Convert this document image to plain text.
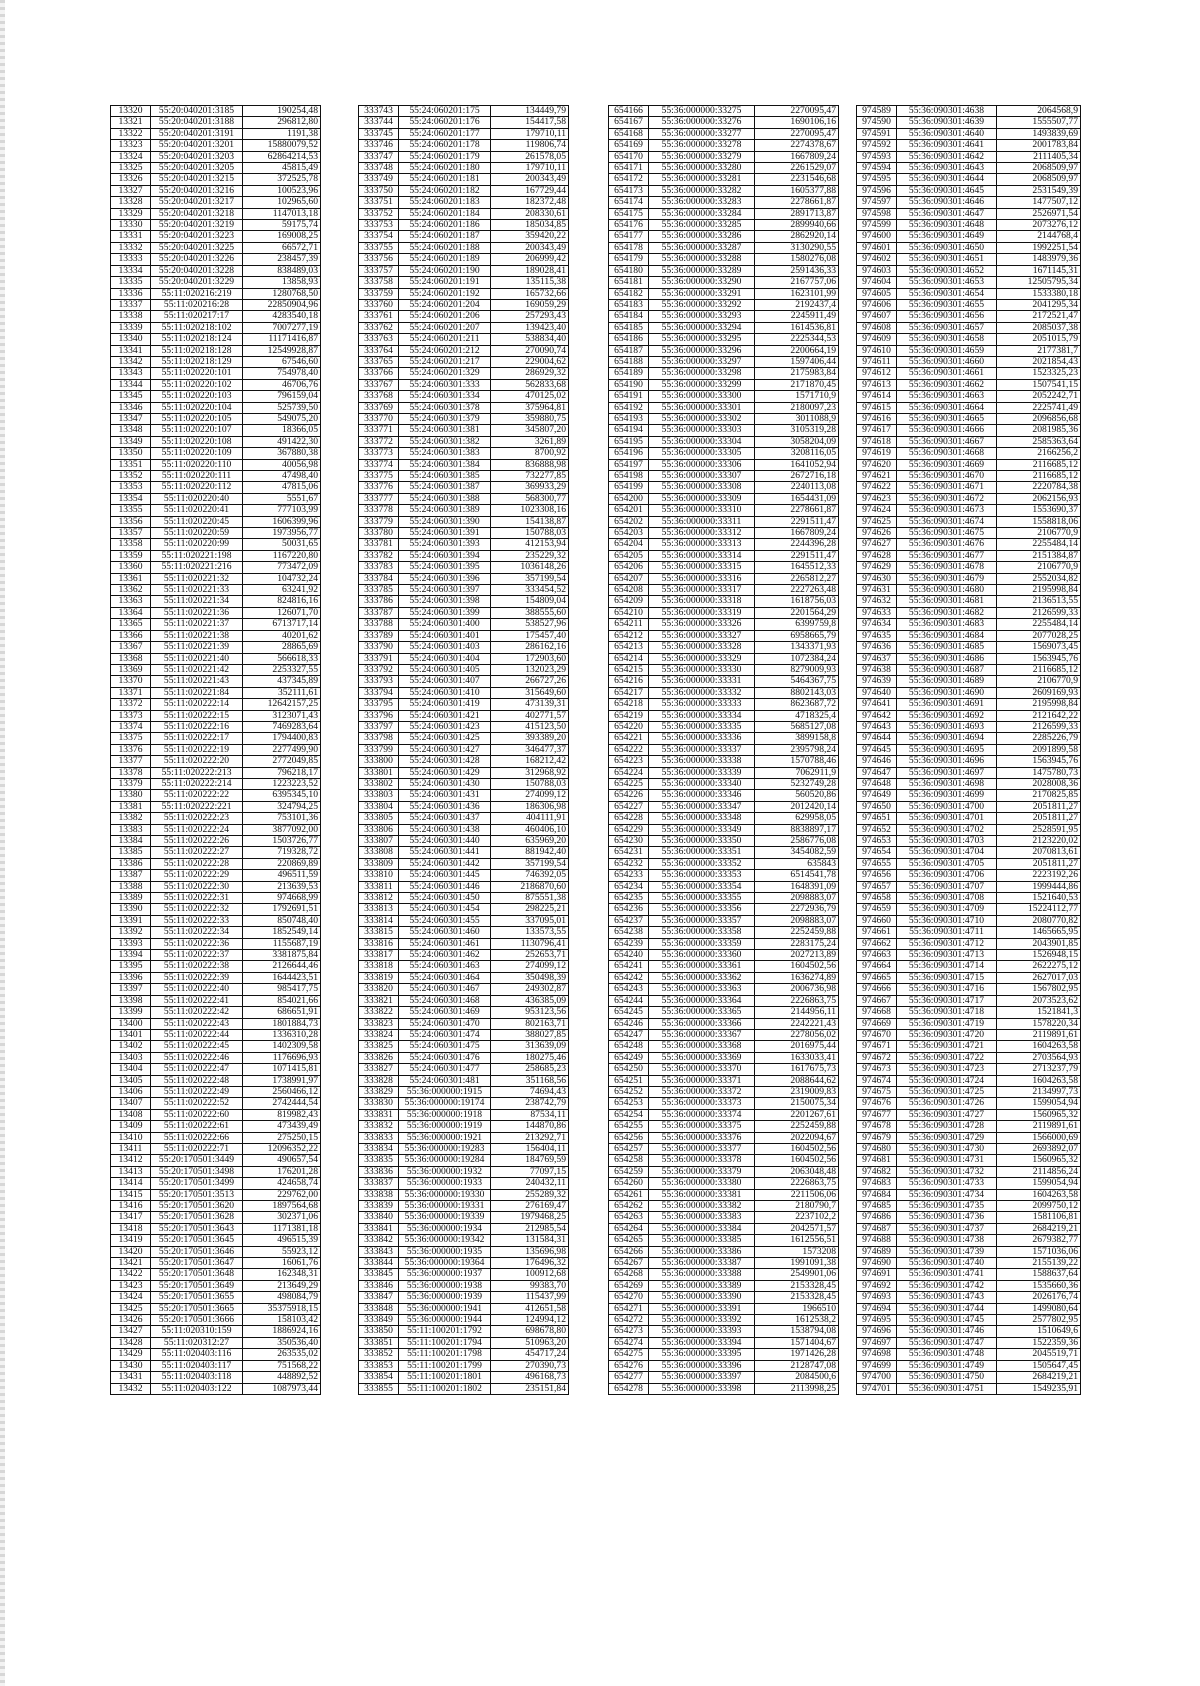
13320	55:20:040201:3185	190254,48
13321	55:20:040201:3188	296812,80
13322	55:20:040201:3191	1191,38
13323	55:20:040201:3201	15880079,52
13324	55:20:040201:3203	62864214,53
13325	55:20:040201:3205	45815,49
13326	55:20:040201:3215	372525,78
13327	55:20:040201:3216	100523,96
13328	55:20:040201:3217	102965,60
13329	55:20:040201:3218	1147013,18
13330	55:20:040201:3219	59175,74
13331	55:20:040201:3223	169008,25
13332	55:20:040201:3225	66572,71
13333	55:20:040201:3226	238457,39
13334	55:20:040201:3228	838489,03
13335	55:20:040201:3229	13858,93
13336	55:11:020216:219	1280768,50
13337	55:11:020216:28	22850904,96
13338	55:11:020217:17	4283540,18
13339	55:11:020218:102	7007277,19
13340	55:11:020218:124	11171416,87
13341	55:11:020218:128	12549928,87
13342	55:11:020218:129	67546,60
13343	55:11:020220:101	754978,40
13344	55:11:020220:102	46706,76
13345	55:11:020220:103	796159,04
13346	55:11:020220:104	525739,50
13347	55:11:020220:105	549075,20
13348	55:11:020220:107	18366,05
13349	55:11:020220:108	491422,30
13350	55:11:020220:109	367880,38
13351	55:11:020220:110	40056,98
13352	55:11:020220:111	47498,40
13353	55:11:020220:112	47815,06
13354	55:11:020220:40	5551,67
13355	55:11:020220:41	777103,99
13356	55:11:020220:45	1606399,96
13357	55:11:020220:59	1973956,77
13358	55:11:020220:99	50031,65
13359	55:11:020221:198	1167220,80
13360	55:11:020221:216	773472,09
13361	55:11:020221:32	104732,24
13362	55:11:020221:33	63241,92
13363	55:11:020221:34	824816,16
13364	55:11:020221:36	126071,70
13365	55:11:020221:37	6713717,14
13366	55:11:020221:38	40201,62
13367	55:11:020221:39	28865,69
13368	55:11:020221:40	566618,33
13369	55:11:020221:42	2253327,55
13370	55:11:020221:43	437345,89
13371	55:11:020221:84	352111,61
13372	55:11:020222:14	12642157,25
13373	55:11:020222:15	3123071,43
13374	55:11:020222:16	7469283,64
13375	55:11:020222:17	1794400,83
13376	55:11:020222:19	2277499,90
13377	55:11:020222:20	2772049,85
13378	55:11:020222:213	796218,17
13379	55:11:020222:214	1223223,52
13380	55:11:020222:22	6395345,10
13381	55:11:020222:221	324794,25
13382	55:11:020222:23	753101,36
13383	55:11:020222:24	3877092,00
13384	55:11:020222:26	1503726,77
13385	55:11:020222:27	719328,72
13386	55:11:020222:28	220869,89
13387	55:11:020222:29	496511,59
13388	55:11:020222:30	213639,53
13389	55:11:020222:31	974668,99
13390	55:11:020222:32	1792691,51
13391	55:11:020222:33	850748,40
13392	55:11:020222:34	1852549,14
13393	55:11:020222:36	1155687,19
13394	55:11:020222:37	3381875,84
13395	55:11:020222:38	2126644,46
13396	55:11:020222:39	1644423,51
13397	55:11:020222:40	985417,75
13398	55:11:020222:41	854021,66
13399	55:11:020222:42	686651,91
13400	55:11:020222:43	1801884,73
13401	55:11:020222:44	1336310,28
13402	55:11:020222:45	1402309,58
13403	55:11:020222:46	1176696,93
13404	55:11:020222:47	1071415,81
13405	55:11:020222:48	1738991,97
13406	55:11:020222:49	2560466,12
13407	55:11:020222:52	2742444,54
13408	55:11:020222:60	819982,43
13409	55:11:020222:61	473439,49
13410	55:11:020222:66	275250,15
13411	55:11:020222:71	12096352,22
13412	55:20:170501:3449	490657,54
13413	55:20:170501:3498	176201,28
13414	55:20:170501:3499	424658,74
13415	55:20:170501:3513	229762,00
13416	55:20:170501:3620	1897564,68
13417	55:20:170501:3628	302371,06
13418	55:20:170501:3643	1171381,18
13419	55:20:170501:3645	496515,39
13420	55:20:170501:3646	55923,12
13421	55:20:170501:3647	16061,76
13422	55:20:170501:3648	162348,31
13423	55:20:170501:3649	213649,29
13424	55:20:170501:3655	498084,79
13425	55:20:170501:3665	35375918,15
13426	55:20:170501:3666	158103,42
13427	55:11:020310:159	1886924,16
13428	55:11:020312:27	350536,40
13429	55:11:020403:116	263535,02
13430	55:11:020403:117	751568,22
13431	55:11:020403:118	448892,52
13432	55:11:020403:122	1087973,44
333743	55:24:060201:175	134449,79
333744	55:24:060201:176	154417,58
333745	55:24:060201:177	179710,11
333746	55:24:060201:178	119806,74
333747	55:24:060201:179	261578,05
333748	55:24:060201:180	179710,11
333749	55:24:060201:181	200343,49
333750	55:24:060201:182	167729,44
333751	55:24:060201:183	182372,48
333752	55:24:060201:184	208330,61
333753	55:24:060201:186	185034,85
333754	55:24:060201:187	359420,22
333755	55:24:060201:188	200343,49
333756	55:24:060201:189	206999,42
333757	55:24:060201:190	189028,41
333758	55:24:060201:191	135115,38
333759	55:24:060201:192	165732,66
333760	55:24:060201:204	169059,29
333761	55:24:060201:206	257293,43
333762	55:24:060201:207	139423,40
333763	55:24:060201:211	538834,40
333764	55:24:060201:212	270090,74
333765	55:24:060201:217	229004,62
333766	55:24:060201:329	286929,32
333767	55:24:060301:333	562833,68
333768	55:24:060301:334	470125,02
333769	55:24:060301:378	375964,81
333770	55:24:060301:379	359880,75
333771	55:24:060301:381	345807,20
333772	55:24:060301:382	3261,89
333773	55:24:060301:383	8700,92
333774	55:24:060301:384	836888,98
333775	55:24:060301:385	732277,85
333776	55:24:060301:387	369933,29
333777	55:24:060301:388	568300,77
333778	55:24:060301:389	1023308,16
333779	55:24:060301:390	154138,87
333780	55:24:060301:391	150788,03
333781	55:24:060301:393	412153,94
333782	55:24:060301:394	235229,32
333783	55:24:060301:395	1036148,26
333784	55:24:060301:396	357199,54
333785	55:24:060301:397	333454,52
333786	55:24:060301:398	154809,04
333787	55:24:060301:399	388555,60
333788	55:24:060301:400	538527,96
333789	55:24:060301:401	175457,40
333790	55:24:060301:403	286162,16
333791	55:24:060301:404	172903,60
333792	55:24:060301:405	132023,29
333793	55:24:060301:407	266727,26
333794	55:24:060301:410	315649,60
333795	55:24:060301:419	473139,31
333796	55:24:060301:421	402771,57
333797	55:24:060301:423	415123,50
333798	55:24:060301:425	393389,20
333799	55:24:060301:427	346477,37
333800	55:24:060301:428	168212,42
333801	55:24:060301:429	312968,92
333802	55:24:060301:430	150788,03
333803	55:24:060301:431	274099,12
333804	55:24:060301:436	186306,98
333805	55:24:060301:437	404111,91
333806	55:24:060301:438	460406,10
333807	55:24:060301:440	635969,20
333808	55:24:060301:441	881942,40
333809	55:24:060301:442	357199,54
333810	55:24:060301:445	746392,05
333811	55:24:060301:446	2186870,60
333812	55:24:060301:450	875551,38
333813	55:24:060301:454	298225,21
333814	55:24:060301:455	337095,01
333815	55:24:060301:460	133573,55
333816	55:24:060301:461	1130796,41
333817	55:24:060301:462	252653,71
333818	55:24:060301:463	274099,12
333819	55:24:060301:464	350498,39
333820	55:24:060301:467	249302,87
333821	55:24:060301:468	436385,09
333822	55:24:060301:469	953123,56
333823	55:24:060301:470	802163,71
333824	55:24:060301:474	388027,85
333825	55:24:060301:475	313639,09
333826	55:24:060301:476	180275,46
333827	55:24:060301:477	258685,23
333828	55:24:060301:481	351168,56
333829	55:36:000000:1915	74694,43
333830	55:36:000000:19174	238742,79
333831	55:36:000000:1918	87534,11
333832	55:36:000000:1919	144870,86
333833	55:36:000000:1921	213292,71
333834	55:36:000000:19283	156404,11
333835	55:36:000000:19284	184769,59
333836	55:36:000000:1932	77097,15
333837	55:36:000000:1933	240432,11
333838	55:36:000000:19330	255289,32
333839	55:36:000000:19331	276169,47
333840	55:36:000000:19339	1979468,25
333841	55:36:000000:1934	212985,54
333842	55:36:000000:19342	131584,31
333843	55:36:000000:1935	135696,98
333844	55:36:000000:19364	176496,32
333845	55:36:000000:1937	100912,68
333846	55:36:000000:1938	99383,70
333847	55:36:000000:1939	115437,99
333848	55:36:000000:1941	412651,58
333849	55:36:000000:1944	124994,12
333850	55:11:100201:1792	698678,80
333851	55:11:100201:1794	510963,20
333852	55:11:100201:1798	454717,24
333853	55:11:100201:1799	270390,73
333854	55:11:100201:1801	496168,73
333855	55:11:100201:1802	235151,84
654166	55:36:000000:33275	2270095,47
654167	55:36:000000:33276	1690106,16
654168	55:36:000000:33277	2270095,47
654169	55:36:000000:33278	2274378,67
654170	55:36:000000:33279	1667809,24
654171	55:36:000000:33280	2261529,07
654172	55:36:000000:33281	2231546,68
654173	55:36:000000:33282	1605377,88
654174	55:36:000000:33283	2278661,87
654175	55:36:000000:33284	2891713,87
654176	55:36:000000:33285	2899940,66
654177	55:36:000000:33286	2862920,14
654178	55:36:000000:33287	3130290,55
654179	55:36:000000:33288	1580276,08
654180	55:36:000000:33289	2591436,33
654181	55:36:000000:33290	2167757,06
654182	55:36:000000:33291	1623101,99
654183	55:36:000000:33292	2192437,4
654184	55:36:000000:33293	2245911,49
654185	55:36:000000:33294	1614536,81
654186	55:36:000000:33295	2225344,53
654187	55:36:000000:33296	2200664,19
654188	55:36:000000:33297	1597406,44
654189	55:36:000000:33298	2175983,84
654190	55:36:000000:33299	2171870,45
654191	55:36:000000:33300	1571710,9
654192	55:36:000000:33301	2180097,23
654193	55:36:000000:33302	3011088,9
654194	55:36:000000:33303	3105319,28
654195	55:36:000000:33304	3058204,09
654196	55:36:000000:33305	3208116,05
654197	55:36:000000:33306	1641052,94
654198	55:36:000000:33307	2672716,18
654199	55:36:000000:33308	2240113,08
654200	55:36:000000:33309	1654431,09
654201	55:36:000000:33310	2278661,87
654202	55:36:000000:33311	2291511,47
654203	55:36:000000:33312	1667809,24
654204	55:36:000000:33313	2244396,28
654205	55:36:000000:33314	2291511,47
654206	55:36:000000:33315	1645512,33
654207	55:36:000000:33316	2265812,27
654208	55:36:000000:33317	2227263,48
654209	55:36:000000:33318	1618756,03
654210	55:36:000000:33319	2201564,29
654211	55:36:000000:33326	6399759,8
654212	55:36:000000:33327	6958665,79
654213	55:36:000000:33328	1343371,93
654214	55:36:000000:33329	1072384,24
654215	55:36:000000:33330	8279009,93
654216	55:36:000000:33331	5464367,75
654217	55:36:000000:33332	8802143,03
654218	55:36:000000:33333	8623687,72
654219	55:36:000000:33334	4718325,4
654220	55:36:000000:33335	5685127,08
654221	55:36:000000:33336	3899158,8
654222	55:36:000000:33337	2395798,24
654223	55:36:000000:33338	1570788,46
654224	55:36:000000:33339	7062911,9
654225	55:36:000000:33340	5232749,28
654226	55:36:000000:33346	560520,86
654227	55:36:000000:33347	2012420,14
654228	55:36:000000:33348	629958,05
654229	55:36:000000:33349	8838897,17
654230	55:36:000000:33350	2586776,08
654231	55:36:000000:33351	3454082,59
654232	55:36:000000:33352	635843
654233	55:36:000000:33353	6514541,78
654234	55:36:000000:33354	1648391,09
654235	55:36:000000:33355	2098883,07
654236	55:36:000000:33356	2272936,79
654237	55:36:000000:33357	2098883,07
654238	55:36:000000:33358	2252459,88
654239	55:36:000000:33359	2283175,24
654240	55:36:000000:33360	2027213,89
654241	55:36:000000:33361	1604502,56
654242	55:36:000000:33362	1636274,89
654243	55:36:000000:33363	2006736,98
654244	55:36:000000:33364	2226863,75
654245	55:36:000000:33365	2144956,11
654246	55:36:000000:33366	2242221,43
654247	55:36:000000:33367	2278056,02
654248	55:36:000000:33368	2016975,44
654249	55:36:000000:33369	1633033,41
654250	55:36:000000:33370	1617675,73
654251	55:36:000000:33371	2088644,62
654252	55:36:000000:33372	2319009,83
654253	55:36:000000:33373	2150075,34
654254	55:36:000000:33374	2201267,61
654255	55:36:000000:33375	2252459,88
654256	55:36:000000:33376	2022094,67
654257	55:36:000000:33377	1604502,56
654258	55:36:000000:33378	1604502,56
654259	55:36:000000:33379	2063048,48
654260	55:36:000000:33380	2226863,75
654261	55:36:000000:33381	2211506,06
654262	55:36:000000:33382	2180790,7
654263	55:36:000000:33383	2237102,2
654264	55:36:000000:33384	2042571,57
654265	55:36:000000:33385	1612556,51
654266	55:36:000000:33386	1573208
654267	55:36:000000:33387	1991091,38
654268	55:36:000000:33388	2549901,06
654269	55:36:000000:33389	2153328,45
654270	55:36:000000:33390	2153328,45
654271	55:36:000000:33391	1966510
654272	55:36:000000:33392	1612538,2
654273	55:36:000000:33393	1538794,08
654274	55:36:000000:33394	1571404,67
654275	55:36:000000:33395	1971426,28
654276	55:36:000000:33396	2128747,08
654277	55:36:000000:33397	2084500,6
654278	55:36:000000:33398	2113998,25
974589	55:36:090301:4638	2064568,9
974590	55:36:090301:4639	1555507,77
974591	55:36:090301:4640	1493839,69
974592	55:36:090301:4641	2001783,84
974593	55:36:090301:4642	2111405,34
974594	55:36:090301:4643	2068509,97
974595	55:36:090301:4644	2068509,97
974596	55:36:090301:4645	2531549,39
974597	55:36:090301:4646	1477507,12
974598	55:36:090301:4647	2526971,54
974599	55:36:090301:4648	2073276,12
974600	55:36:090301:4649	2144768,4
974601	55:36:090301:4650	1992251,54
974602	55:36:090301:4651	1483979,36
974603	55:36:090301:4652	1671145,31
974604	55:36:090301:4653	12505795,34
974605	55:36:090301:4654	1533380,18
974606	55:36:090301:4655	2041295,34
974607	55:36:090301:4656	2172521,47
974608	55:36:090301:4657	2085037,38
974609	55:36:090301:4658	2051015,79
974610	55:36:090301:4659	2177381,7
974611	55:36:090301:4660	2021854,43
974612	55:36:090301:4661	1523325,23
974613	55:36:090301:4662	1507541,15
974614	55:36:090301:4663	2052242,71
974615	55:36:090301:4664	2225741,49
974616	55:36:090301:4665	2096856,68
974617	55:36:090301:4666	2081985,36
974618	55:36:090301:4667	2585363,64
974619	55:36:090301:4668	2166256,2
974620	55:36:090301:4669	2116685,12
974621	55:36:090301:4670	2116685,12
974622	55:36:090301:4671	2220784,38
974623	55:36:090301:4672	2062156,93
974624	55:36:090301:4673	1553690,37
974625	55:36:090301:4674	1558818,06
974626	55:36:090301:4675	2106770,9
974627	55:36:090301:4676	2255484,14
974628	55:36:090301:4677	2151384,87
974629	55:36:090301:4678	2106770,9
974630	55:36:090301:4679	2552034,82
974631	55:36:090301:4680	2195998,84
974632	55:36:090301:4681	2136513,55
974633	55:36:090301:4682	2126599,33
974634	55:36:090301:4683	2255484,14
974635	55:36:090301:4684	2077028,25
974636	55:36:090301:4685	1569073,45
974637	55:36:090301:4686	1563945,76
974638	55:36:090301:4687	2116685,12
974639	55:36:090301:4689	2106770,9
974640	55:36:090301:4690	2609169,93
974641	55:36:090301:4691	2195998,84
974642	55:36:090301:4692	2121642,22
974643	55:36:090301:4693	2126599,33
974644	55:36:090301:4694	2285226,79
974645	55:36:090301:4695	2091899,58
974646	55:36:090301:4696	1563945,76
974647	55:36:090301:4697	1475780,73
974648	55:36:090301:4698	2028008,36
974649	55:36:090301:4699	2170825,85
974650	55:36:090301:4700	2051811,27
974651	55:36:090301:4701	2051811,27
974652	55:36:090301:4702	2528591,95
974653	55:36:090301:4703	2123220,02
974654	55:36:090301:4704	2070813,61
974655	55:36:090301:4705	2051811,27
974656	55:36:090301:4706	2223192,26
974657	55:36:090301:4707	1999444,86
974658	55:36:090301:4708	1521640,53
974659	55:36:090301:4709	15224112,77
974660	55:36:090301:4710	2080770,82
974661	55:36:090301:4711	1465665,95
974662	55:36:090301:4712	2043901,85
974663	55:36:090301:4713	1526948,15
974664	55:36:090301:4714	2622275,12
974665	55:36:090301:4715	2627017,03
974666	55:36:090301:4716	1567802,95
974667	55:36:090301:4717	2073523,62
974668	55:36:090301:4718	1521841,3
974669	55:36:090301:4719	1578220,34
974670	55:36:090301:4720	2119891,61
974671	55:36:090301:4721	1604263,58
974672	55:36:090301:4722	2703564,93
974673	55:36:090301:4723	2713237,79
974674	55:36:090301:4724	1604263,58
974675	55:36:090301:4725	2134997,73
974676	55:36:090301:4726	1599054,94
974677	55:36:090301:4727	1560965,32
974678	55:36:090301:4728	2119891,61
974679	55:36:090301:4729	1566000,69
974680	55:36:090301:4730	2693892,07
974681	55:36:090301:4731	1560965,32
974682	55:36:090301:4732	2114856,24
974683	55:36:090301:4733	1599054,94
974684	55:36:090301:4734	1604263,58
974685	55:36:090301:4735	2099750,12
974686	55:36:090301:4736	1581106,81
974687	55:36:090301:4737	2684219,21
974688	55:36:090301:4738	2679382,77
974689	55:36:090301:4739	1571036,06
974690	55:36:090301:4740	2155139,22
974691	55:36:090301:4741	1588637,64
974692	55:36:090301:4742	1535660,36
974693	55:36:090301:4743	2026176,74
974694	55:36:090301:4744	1499080,64
974695	55:36:090301:4745	2577802,95
974696	55:36:090301:4746	1510649,6
974697	55:36:090301:4747	1522359,36
974698	55:36:090301:4748	2045519,71
974699	55:36:090301:4749	1505647,45
974700	55:36:090301:4750	2684219,21
974701	55:36:090301:4751	1549235,91
